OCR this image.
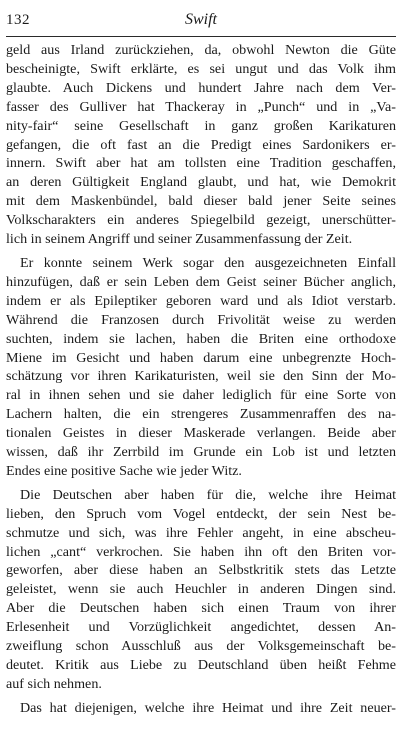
132	Swift
geld aus Irland zurückziehen, da, obwohl Newton die Güte
bescheinigte, Swift erklärte, es sei ungut und das Volk ihm
glaubte. Auch Dickens und hundert Jahre nach dem Ver-
fasser des Gulliver hat Thackeray in „Punch“ und in „Va-
nity-fair“ seine Gesellschaft in ganz großen Karikaturen
gefangen, die oft fast an die Predigt eines Sardonikers er-
innern. Swift aber hat am tollsten eine Tradition geschaffen,
an deren Gültigkeit England glaubt, und hat, wie Demokrit
mit dem Maskenbündel, bald dieser bald jener Seite seines
Volkscharakters ein anderes Spiegelbild gezeigt, unerschütter-
lich in seinem Angriff und seiner Zusammenfassung der Zeit.
Er konnte seinem Werk sogar den ausgezeichneten Einfall
hinzufügen, daß er sein Leben dem Geist seiner Bücher anglich,
indem er als Epileptiker geboren ward und als Idiot verstarb.
Während die Franzosen durch Frivolität weise zu werden
suchten, indem sie lachen, haben die Briten eine orthodoxe
Miene im Gesicht und haben darum eine unbegrenzte Hoch-
schätzung vor ihren Karikaturisten, weil sie den Sinn der Mo-
ral in ihnen sehen und sie daher lediglich für eine Sorte von
Lachern halten, die ein strengeres Zusammenraffen des na-
tionalen Geistes in dieser Maskerade verlangen. Beide aber
wissen, daß ihr Zerrbild im Grunde ein Lob ist und letzten
Endes eine positive Sache wie jeder Witz.
Die Deutschen aber haben für die, welche ihre Heimat
lieben, den Spruch vom Vogel entdeckt, der sein Nest be-
schmutze und sich, was ihre Fehler angeht, in eine abscheu-
lichen „cant“ verkrochen. Sie haben ihn oft den Briten vor-
geworfen, aber diese haben an Selbstkritik stets das Letzte
geleistet, wenn sie auch Heuchler in anderen Dingen sind.
Aber die Deutschen haben sich einen Traum von ihrer
Erlesenheit und Vorzüglichkeit angedichtet, dessen An-
zweiflung schon Ausschluß aus der Volksgemeinschaft be-
deutet. Kritik aus Liebe zu Deutschland üben heißt Fehme
auf sich nehmen.
Das hat diejenigen, welche ihre Heimat und ihre Zeit neuer-
